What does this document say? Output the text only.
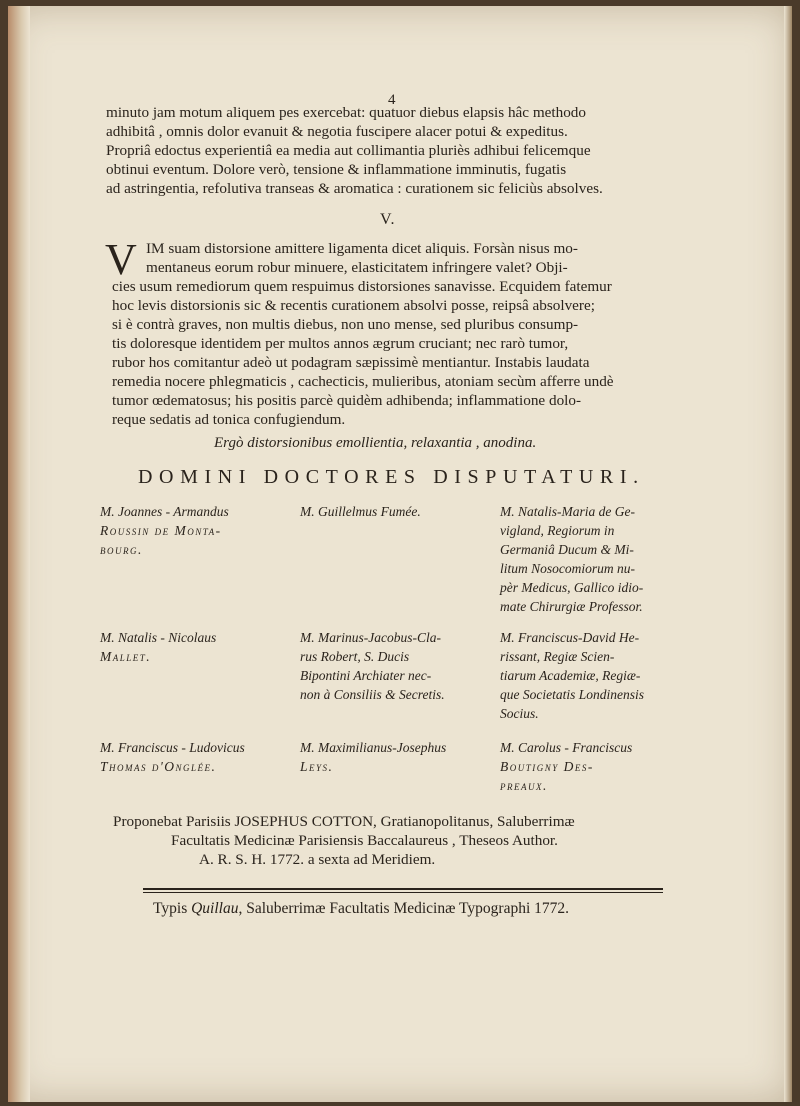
4
minuto jam motum aliquem pes exercebat: quatuor diebus elapsis hâc methodo
adhibitâ , omnis dolor evanuit & negotia fuscipere alacer potui & expeditus.
Propriâ edoctus experientiâ ea media aut collimantia pluriès adhibui felicemque
obtinui eventum. Dolore verò, tensione & inflammatione imminutis, fugatis
ad astringentia, refolutiva transeas & aromatica : curationem sic feliciùs absolves.
V.
V IM suam distorsione amittere ligamenta dicet aliquis. Forsàn nisus mo-
mentaneus eorum robur minuere, elasticitatem infringere valet? Obji-
cies usum remediorum quem respuimus distorsiones sanavisse. Ecquidem fatemur
hoc levis distorsionis sic & recentis curationem absolvi posse, reipsâ absolvere;
si è contrà graves, non multis diebus, non uno mense, sed pluribus consump-
tis doloresque identidem per multos annos ægrum cruciant; nec rarò tumor,
rubor hos comitantur adeò ut podagram sæpissimè mentiantur. Instabis laudata
remedia nocere phlegmaticis , cachecticis, mulieribus, atoniam secùm afferre undè
tumor œdematosus; his positis parcè quidèm adhibenda; inflammatione dolo-
reque sedatis ad tonica confugiendum.
Ergò distorsionibus emollientia, relaxantia , anodina.
DOMINI DOCTORES DISPUTATURI.
M. Joannes - Armandus
Roussin de Monta-
bourg.
M. Guillelmus Fumée.	M. Natalis-Maria de Ge-
vigland, Regiorum in
Germaniâ Ducum & Mi-
litum Nosocomiorum nu-
pèr Medicus, Gallico idio-
mate Chirurgiæ Professor.
M. Natalis - Nicolaus
Mallet.
M. Marinus-Jacobus-Cla-
rus Robert, S. Ducis
Bipontini Archiater nec-
non à Consiliis & Secretis.
M. Franciscus-David He-
rissant, Regiæ Scien-
tiarum Academiæ, Regiæ-
que Societatis Londinensis
Socius.
M. Franciscus - Ludovicus
Thomas d'Onglée.
M. Maximilianus-Josephus
Leys.
M. Carolus - Franciscus
Boutigny Des-
preaux.
Proponebat Parisiis JOSEPHUS COTTON, Gratianopolitanus, Saluberrimæ
Facultatis Medicinæ Parisiensis Baccalaureus , Theseos Author.
A. R. S. H. 1772. a sexta ad Meridiem.
Typis Quillau, Saluberrimæ Facultatis Medicinæ Typographi 1772.
